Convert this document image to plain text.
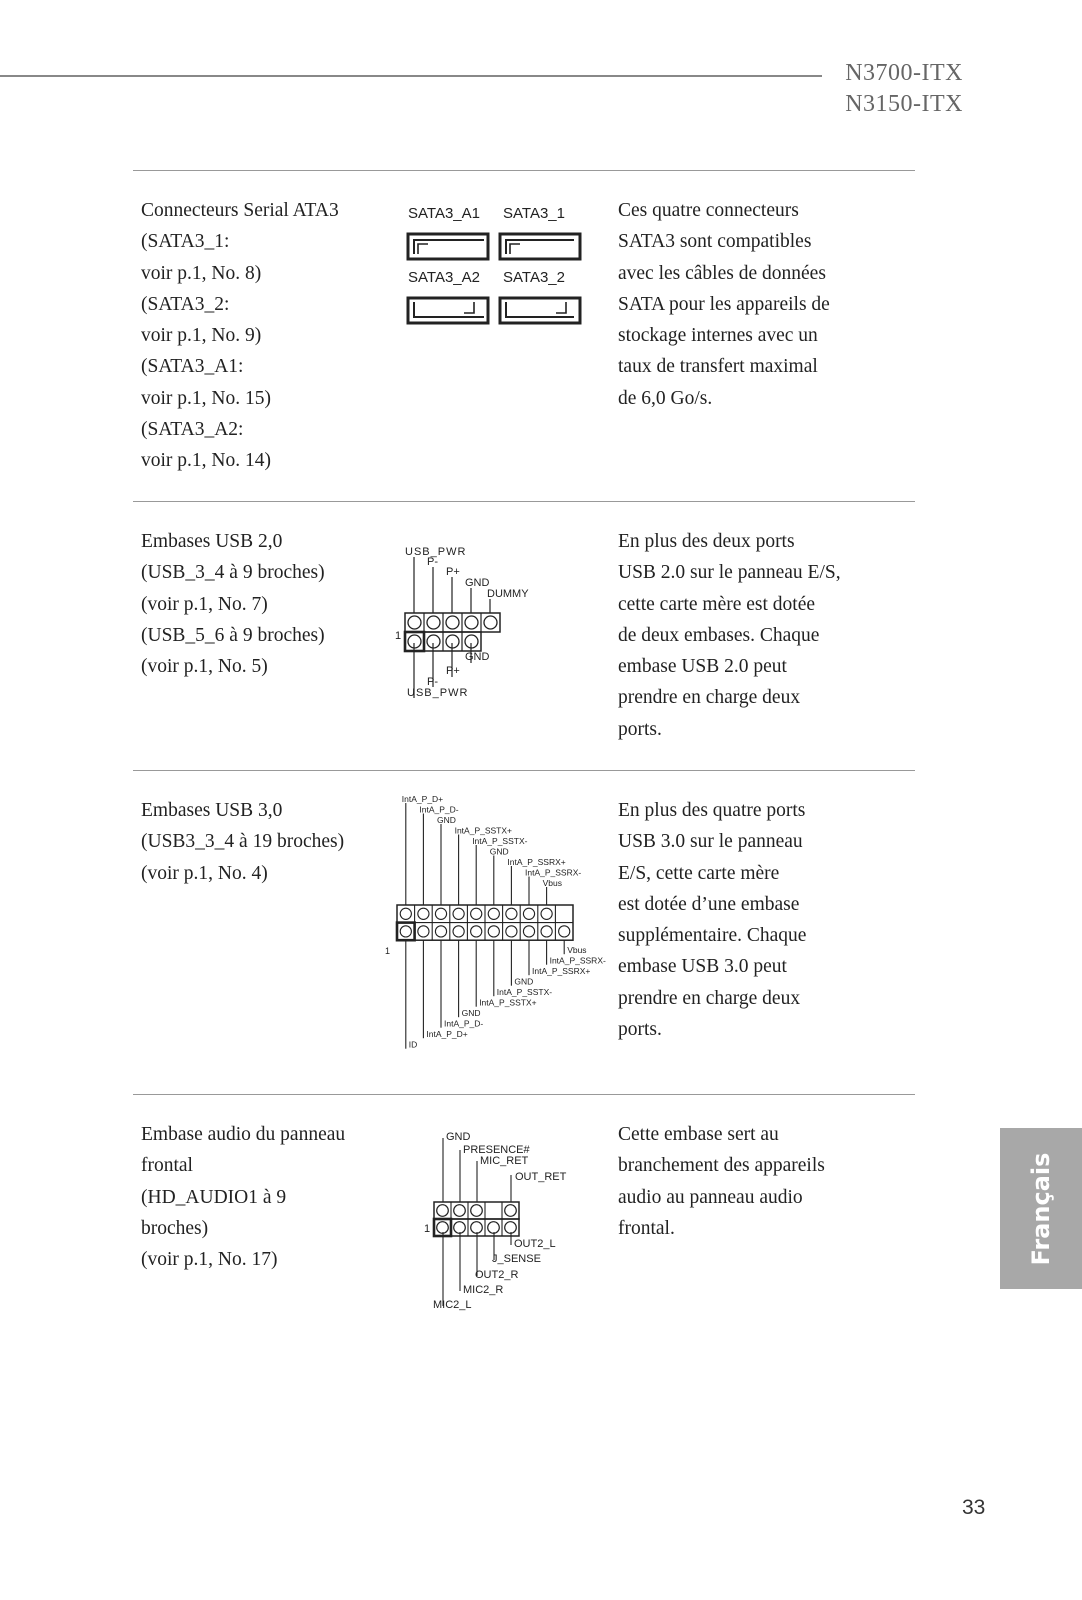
N3700-ITX
N3150-ITX
Connecteurs Serial ATA3
(SATA3_1:
voir p.1, No. 8)
(SATA3_2:
voir p.1, No. 9)
(SATA3_A1:
voir p.1, No. 15)
(SATA3_A2:
voir p.1, No. 14)
Ces quatre connecteurs
SATA3 sont compatibles
avec les câbles de données
SATA pour les appareils de
stockage internes avec un
taux de transfert maximal
de 6,0 Go/s.
SATA3_A1 SATA3_1
SATA3_A2 SATA3_2
Embases USB 2,0
(USB_3_4 à 9 broches)
(voir p.1, No. 7)
(USB_5_6 à 9 broches)
(voir p.1, No. 5)
En plus des deux ports
USB 2.0 sur le panneau E/S,
cette carte mère est dotée
de deux embases. Chaque
embase USB 2.0 peut
prendre en charge deux
ports.
USB_PWR
P-
P+
GND
DUMMY
1
GND
P+
P-
USB_PWR
Embases USB 3,0
(USB3_3_4 à 19 broches)
(voir p.1, No. 4)
En plus des quatre ports
USB 3.0 sur le panneau
E/S, cette carte mère
est dotée d’une embase
supplémentaire. Chaque
embase USB 3.0 peut
prendre en charge deux
ports.
IntA_P_D+
IntA_P_D-
GND
IntA_P_SSTX+
IntA_P_SSTX-
GND
IntA_P_SSRX+
IntA_P_SSRX-
Vbus
Vbus
IntA_P_SSRX-
IntA_P_SSRX+
GND
IntA_P_SSTX-
IntA_P_SSTX+
GND
IntA_P_D-
IntA_P_D+
ID
1
Embase audio du panneau
frontal
(HD_AUDIO1 à 9
broches)
(voir p.1, No. 17)
Cette embase sert au
branchement des appareils
audio au panneau audio
frontal.
GND
PRESENCE#
MIC_RET
OUT_RET
1
OUT2_L
J_SENSE
OUT2_R
MIC2_R
MIC2_L
Français
33
